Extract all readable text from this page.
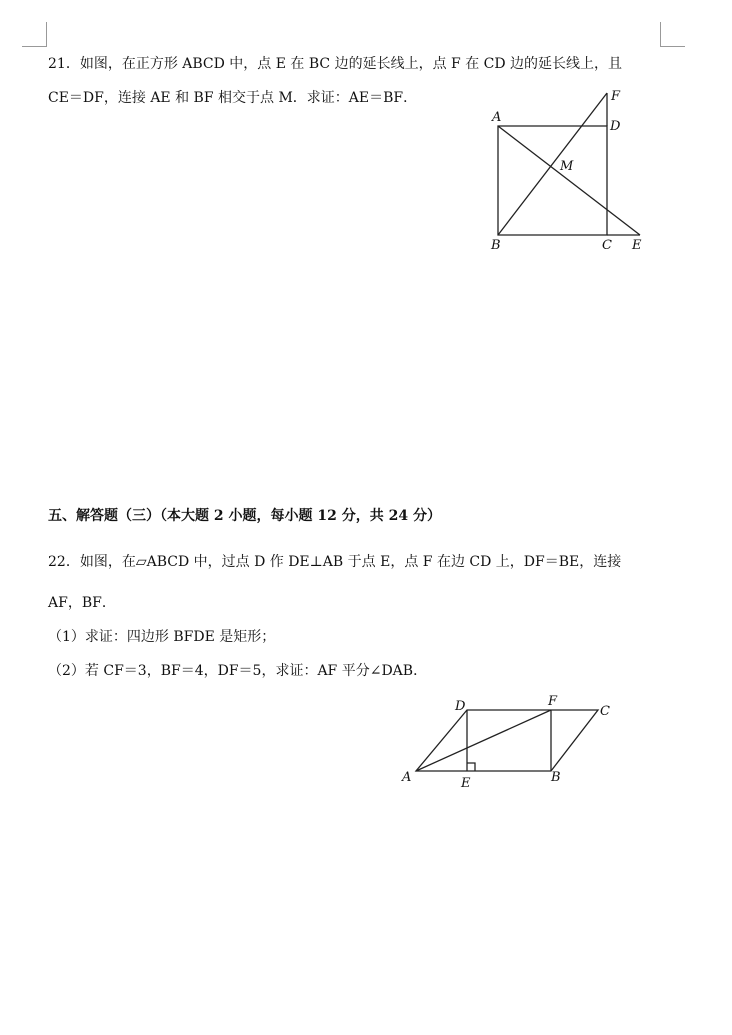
21．如图，在正方形 ABCD 中，点 E 在 BC 边的延长线上，点 F 在 CD 边的延长线上，且
CE＝DF，连接 AE 和 BF 相交于点 M．求证：AE＝BF．
A
B	C
D
E
F
M
五、解答题（三）（本大题 2 小题，每小题 12 分，共 24 分）
22．如图，在▱ABCD 中，过点 D 作 DE⊥AB 于点 E，点 F 在边 CD 上，DF＝BE，连接
AF，BF．
（1）求证：四边形 BFDE 是矩形；
（2）若 CF＝3，BF＝4，DF＝5，求证：AF 平分∠DAB．
A	B
C
D
E
F
